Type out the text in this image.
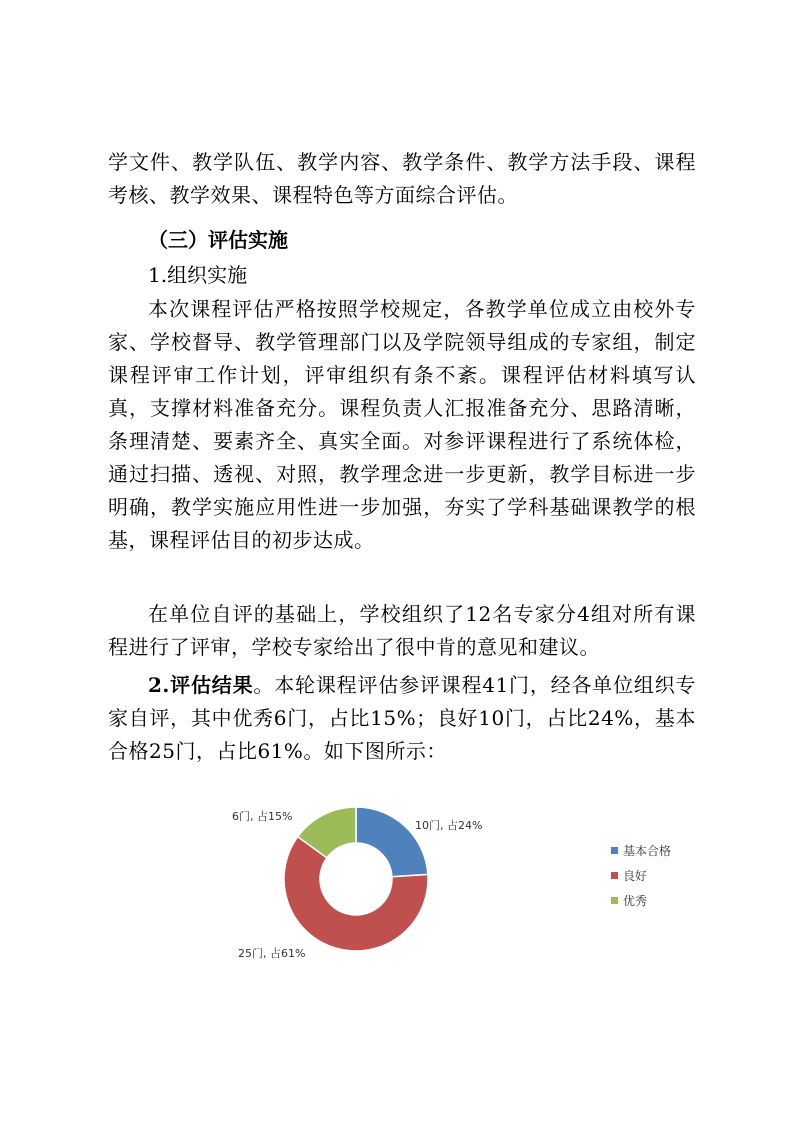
学文件、教学队伍、教学内容、教学条件、教学方法手段、课程考核、教学效果、课程特色等方面综合评估。

（三）评估实施
1.组织实施

本次课程评估严格按照学校规定，各教学单位成立由校外专家、学校督导、教学管理部门以及学院领导组成的专家组，制定课程评审工作计划，评审组织有条不紊。课程评估材料填写认真，支撑材料准备充分。课程负责人汇报准备充分、思路清晰，条理清楚、要素齐全、真实全面。对参评课程进行了系统体检，通过扫描、透视、对照，教学理念进一步更新，教学目标进一步明确，教学实施应用性进一步加强，夯实了学科基础课教学的根基，课程评估目的初步达成。

在单位自评的基础上，学校组织了12名专家分4组对所有课程进行了评审，学校专家给出了很中肯的意见和建议。

2.评估结果。本轮课程评估参评课程41门，经各单位组织专家自评，其中优秀6门，占比15%；良好10门，占比24%，基本合格25门，占比61%。如下图所示：

10门, 占24%
25门, 占61%
6门, 占15%
基本合格
良好
优秀
